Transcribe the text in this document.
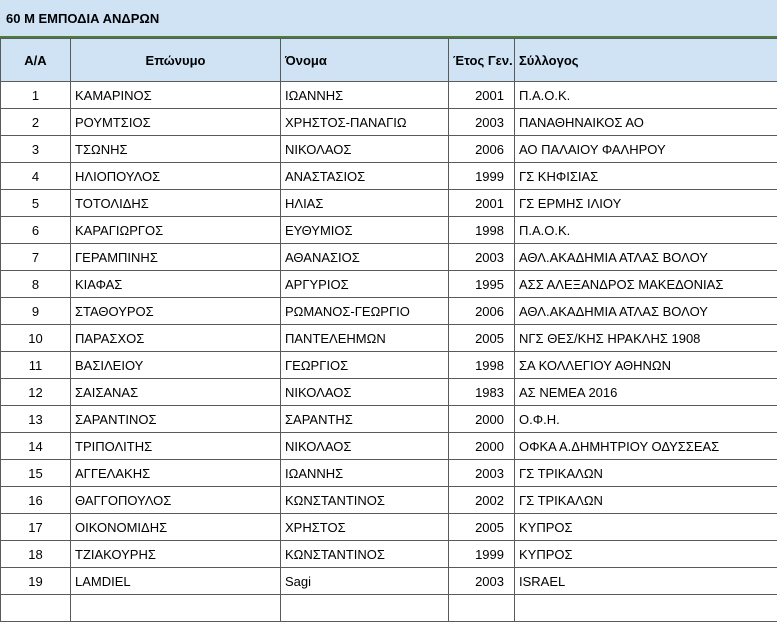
60 Μ ΕΜΠΟΔΙΑ ΑΝΔΡΩΝ
Α/Α	Επώνυμο	Όνομα	Έτος Γεν.	Σύλλογος
1	ΚΑΜΑΡΙΝΟΣ	ΙΩΑΝΝΗΣ	2001	Π.Α.Ο.Κ.
2	ΡΟΥΜΤΣΙΟΣ	ΧΡΗΣΤΟΣ-ΠΑΝΑΓΙΩ	2003	ΠΑΝΑΘΗΝΑΙΚΟΣ ΑΟ
3	ΤΣΩΝΗΣ	ΝΙΚΟΛΑΟΣ	2006	ΑΟ ΠΑΛΑΙΟΥ ΦΑΛΗΡΟΥ
4	ΗΛΙΟΠΟΥΛΟΣ	ΑΝΑΣΤΑΣΙΟΣ	1999	ΓΣ ΚΗΦΙΣΙΑΣ
5	ΤΟΤΟΛΙΔΗΣ	ΗΛΙΑΣ	2001	ΓΣ ΕΡΜΗΣ ΙΛΙΟΥ
6	ΚΑΡΑΓΙΩΡΓΟΣ	ΕΥΘΥΜΙΟΣ	1998	Π.Α.Ο.Κ.
7	ΓΕΡΑΜΠΙΝΗΣ	ΑΘΑΝΑΣΙΟΣ	2003	ΑΘΛ.ΑΚΑΔΗΜΙΑ ΑΤΛΑΣ ΒΟΛΟΥ
8	ΚΙΑΦΑΣ	ΑΡΓΥΡΙΟΣ	1995	ΑΣΣ ΑΛΕΞΑΝΔΡΟΣ ΜΑΚΕΔΟΝΙΑΣ
9	ΣΤΑΘΟΥΡΟΣ	ΡΩΜΑΝΟΣ-ΓΕΩΡΓΙΟ	2006	ΑΘΛ.ΑΚΑΔΗΜΙΑ ΑΤΛΑΣ ΒΟΛΟΥ
10	ΠΑΡΑΣΧΟΣ	ΠΑΝΤΕΛΕΗΜΩΝ	2005	ΝΓΣ ΘΕΣ/ΚΗΣ ΗΡΑΚΛΗΣ 1908
11	ΒΑΣΙΛΕΙΟΥ	ΓΕΩΡΓΙΟΣ	1998	ΣΑ ΚΟΛΛΕΓΙΟΥ ΑΘΗΝΩΝ
12	ΣΑΙΣΑΝΑΣ	ΝΙΚΟΛΑΟΣ	1983	ΑΣ ΝΕΜΕΑ 2016
13	ΣΑΡΑΝΤΙΝΟΣ	ΣΑΡΑΝΤΗΣ	2000	Ο.Φ.Η.
14	ΤΡΙΠΟΛΙΤΗΣ	ΝΙΚΟΛΑΟΣ	2000	ΟΦΚΑ Α.ΔΗΜΗΤΡΙΟΥ ΟΔΥΣΣΕΑΣ
15	ΑΓΓΕΛΑΚΗΣ	ΙΩΑΝΝΗΣ	2003	ΓΣ ΤΡΙΚΑΛΩΝ
16	ΘΑΓΓΟΠΟΥΛΟΣ	ΚΩΝΣΤΑΝΤΙΝΟΣ	2002	ΓΣ ΤΡΙΚΑΛΩΝ
17	ΟΙΚΟΝΟΜΙΔΗΣ	ΧΡΗΣΤΟΣ	2005	ΚΥΠΡΟΣ
18	ΤΖΙΑΚΟΥΡΗΣ	ΚΩΝΣΤΑΝΤΙΝΟΣ	1999	ΚΥΠΡΟΣ
19	LAMDIEL	Sagi	2003	ISRAEL
